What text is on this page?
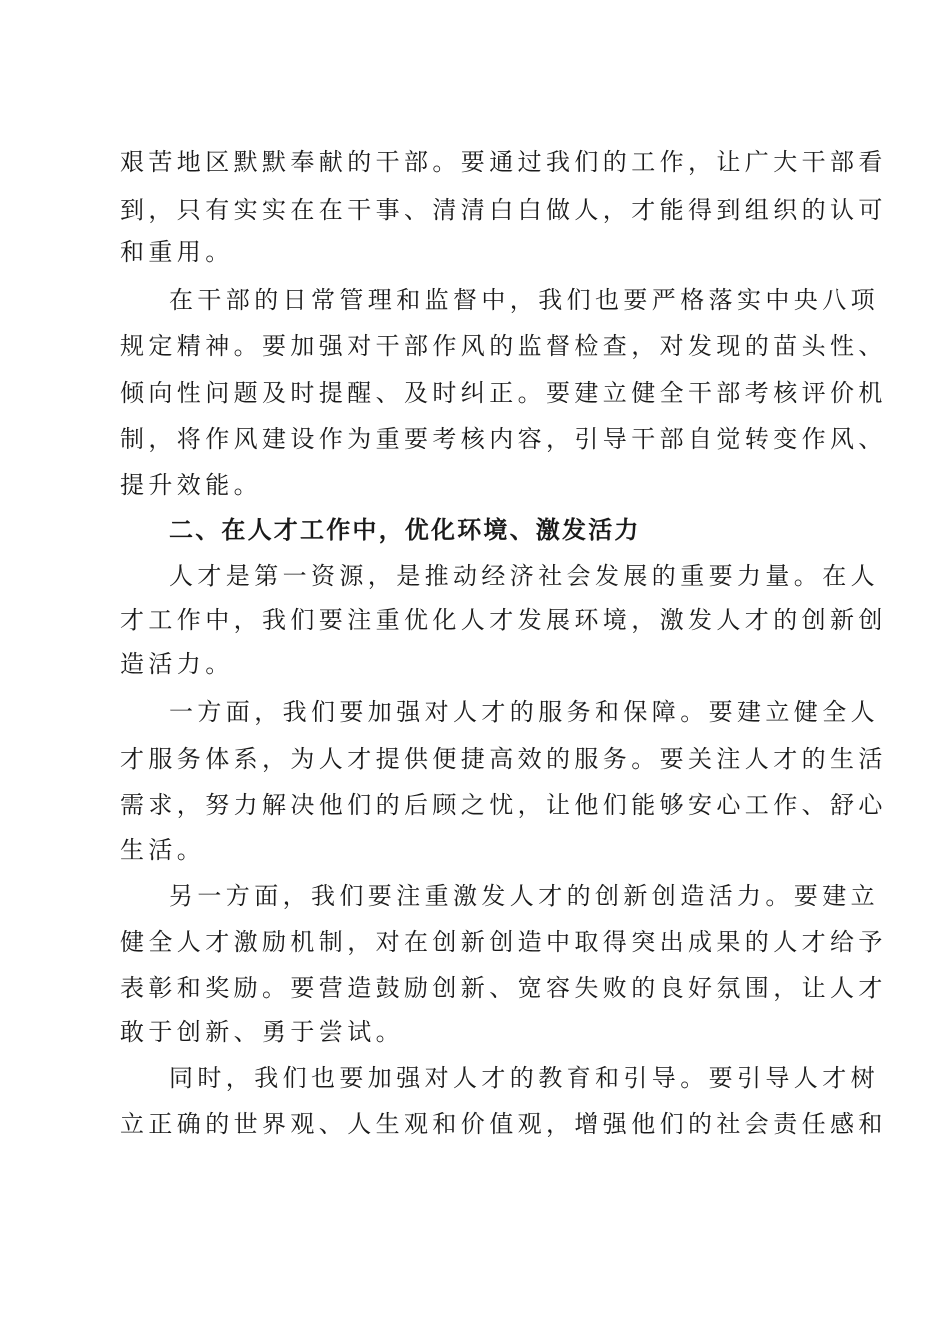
艰苦地区默默奉献的干部。要通过我们的工作，让广大干部看
到，只有实实在在干事、清清白白做人，才能得到组织的认可
和重用。
在干部的日常管理和监督中，我们也要严格落实中央八项
规定精神。要加强对干部作风的监督检查，对发现的苗头性、
倾向性问题及时提醒、及时纠正。要建立健全干部考核评价机
制，将作风建设作为重要考核内容，引导干部自觉转变作风、
提升效能。
二、在人才工作中，优化环境、激发活力
人才是第一资源，是推动经济社会发展的重要力量。在人
才工作中，我们要注重优化人才发展环境，激发人才的创新创
造活力。
一方面，我们要加强对人才的服务和保障。要建立健全人
才服务体系，为人才提供便捷高效的服务。要关注人才的生活
需求，努力解决他们的后顾之忧，让他们能够安心工作、舒心
生活。
另一方面，我们要注重激发人才的创新创造活力。要建立
健全人才激励机制，对在创新创造中取得突出成果的人才给予
表彰和奖励。要营造鼓励创新、宽容失败的良好氛围，让人才
敢于创新、勇于尝试。
同时，我们也要加强对人才的教育和引导。要引导人才树
立正确的世界观、人生观和价值观，增强他们的社会责任感和
